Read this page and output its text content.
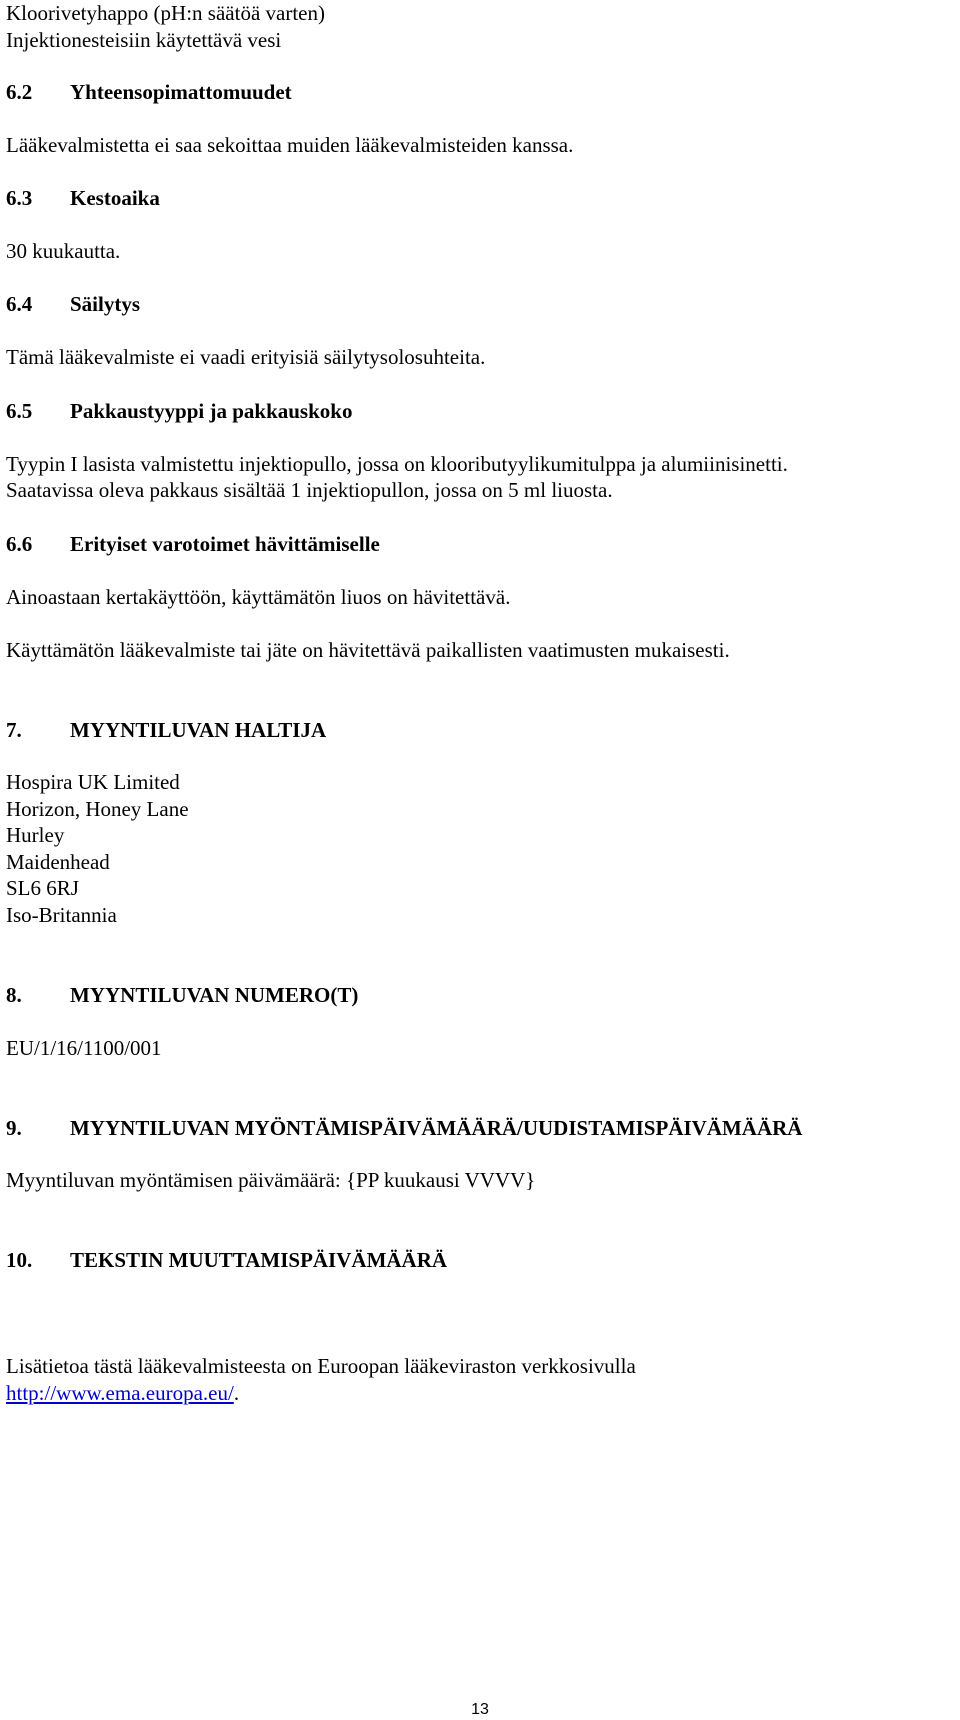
Kloorivetyhappo (pH:n säätöä varten)

Injektionesteisiin käytettävä vesi

6.2 Yhteensopimattomuudet

Lääkevalmistetta ei saa sekoittaa muiden lääkevalmisteiden kanssa.

6.3 Kestoaika

30 kuukautta.

6.4 Säilytys

Tämä lääkevalmiste ei vaadi erityisiä säilytysolosuhteita.

6.5 Pakkaustyyppi ja pakkauskoko

Tyypin I lasista valmistettu injektiopullo, jossa on klooributyylikumitulppa ja alumiinisinetti.

Saatavissa oleva pakkaus sisältää 1 injektiopullon, jossa on 5 ml liuosta.

6.6 Erityiset varotoimet hävittämiselle

Ainoastaan kertakäyttöön, käyttämätön liuos on hävitettävä.

Käyttämätön lääkevalmiste tai jäte on hävitettävä paikallisten vaatimusten mukaisesti.

7. MYYNTILUVAN HALTIJA

Hospira UK Limited

Horizon, Honey Lane

Hurley

Maidenhead

SL6 6RJ

Iso-Britannia

8. MYYNTILUVAN NUMERO(T)

EU/1/16/1100/001

9. MYYNTILUVAN MYÖNTÄMISPÄIVÄMÄÄRÄ/UUDISTAMISPÄIVÄMÄÄRÄ

Myyntiluvan myöntämisen päivämäärä: {PP kuukausi VVVV}

10. TEKSTIN MUUTTAMISPÄIVÄMÄÄRÄ

Lisätietoa tästä lääkevalmisteesta on Euroopan lääkeviraston verkkosivulla

http://www.ema.europa.eu/.

13
